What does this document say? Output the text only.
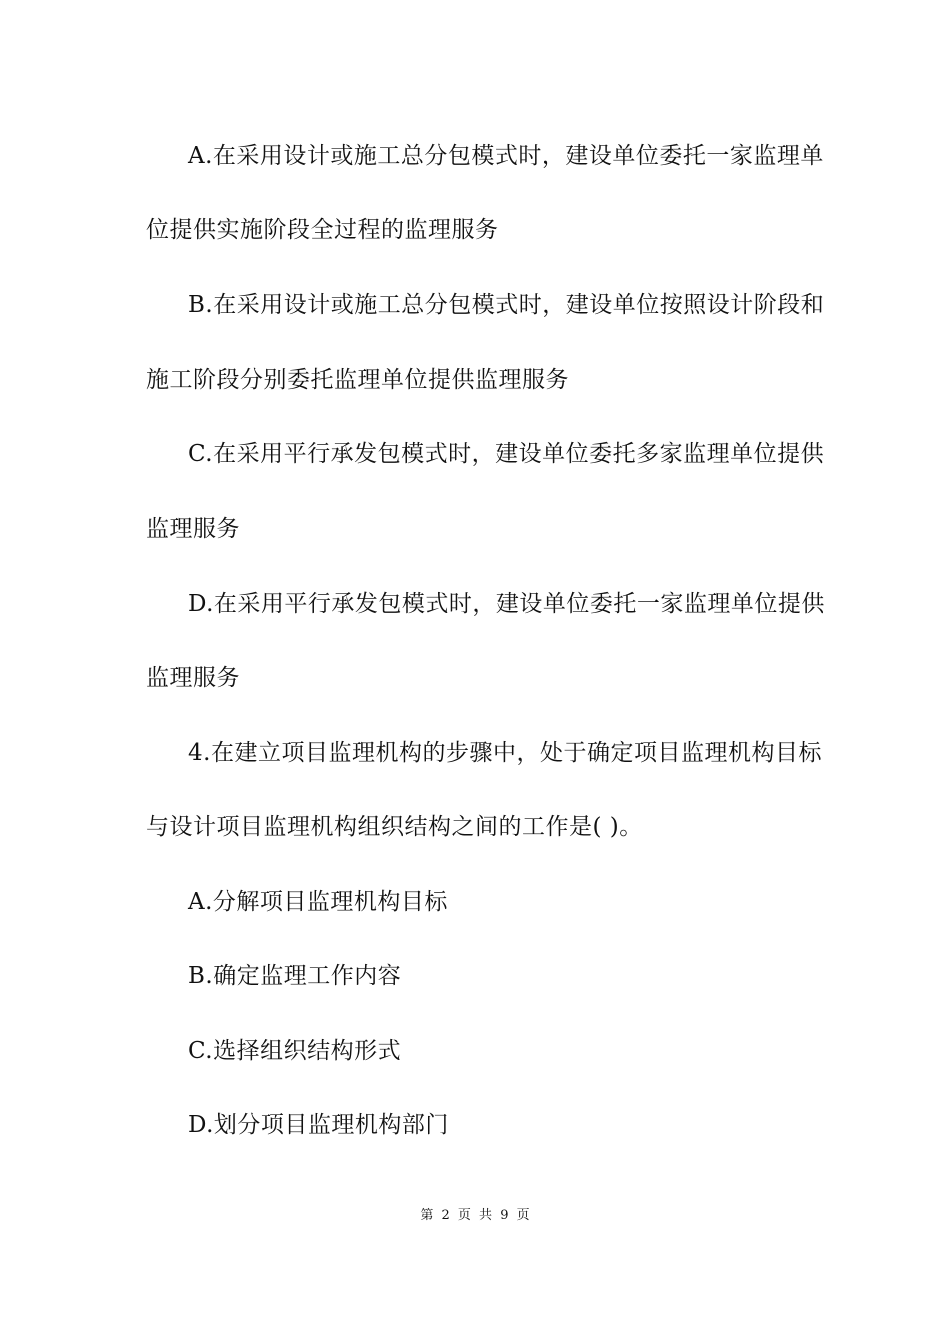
A.在采用设计或施工总分包模式时，建设单位委托一家监理单
位提供实施阶段全过程的监理服务
B.在采用设计或施工总分包模式时，建设单位按照设计阶段和
施工阶段分别委托监理单位提供监理服务
C.在采用平行承发包模式时，建设单位委托多家监理单位提供
监理服务
D.在采用平行承发包模式时，建设单位委托一家监理单位提供
监理服务
4.在建立项目监理机构的步骤中，处于确定项目监理机构目标
与设计项目监理机构组织结构之间的工作是( )。
A.分解项目监理机构目标
B.确定监理工作内容
C.选择组织结构形式
D.划分项目监理机构部门
第 2 页 共 9 页
